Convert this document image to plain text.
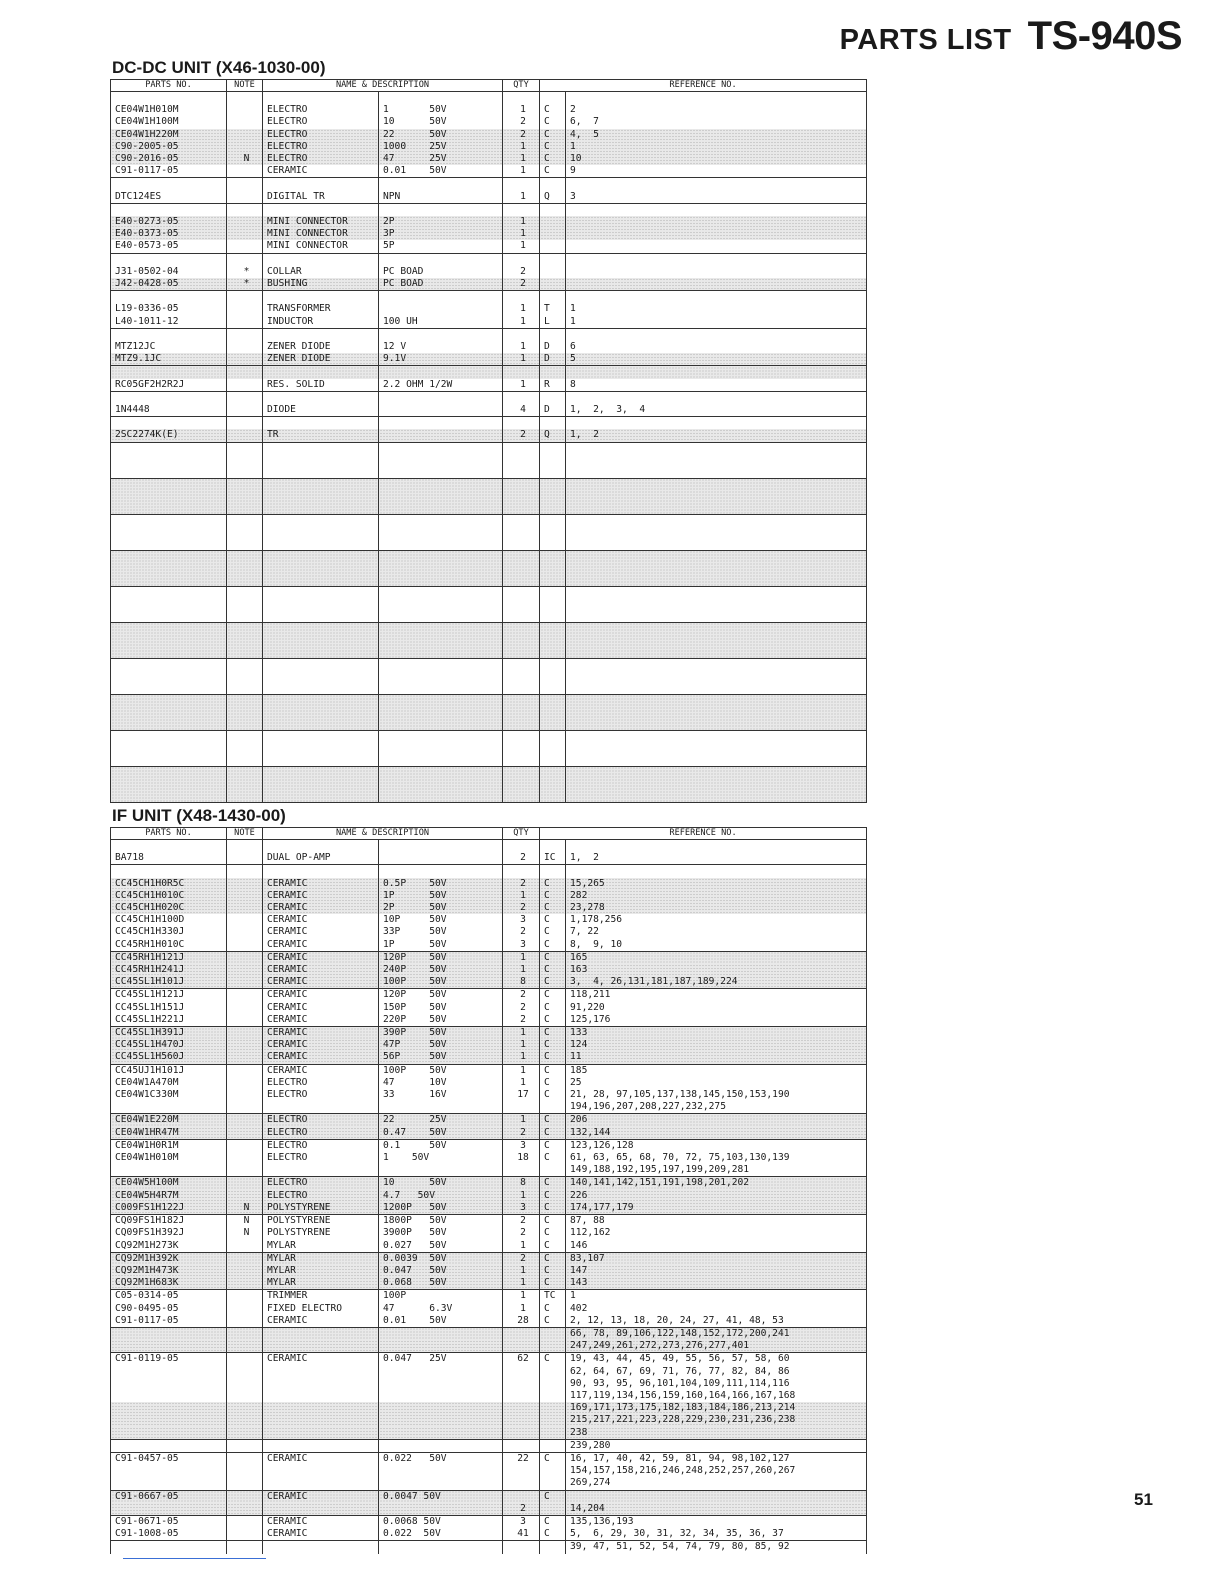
PARTS LIST TS-940S
DC-DC UNIT (X46-1030-00)
PARTS NO.	NOTE	NAME & DESCRIPTION		QTY	REFERENCE NO.	

CE04W1H010M		ELECTRO	1       50V	1	C	2
CE04W1H100M		ELECTRO	10      50V	2	C	6,  7
CE04W1H220M		ELECTRO	22      50V	2	C	4,  5
C90-2005-05		ELECTRO	1000    25V	1	C	1
C90-2016-05	N	ELECTRO	47      25V	1	C	10
C91-0117-05		CERAMIC	0.01    50V	1	C	9

DTC124ES		DIGITAL TR	NPN	1	Q	3

E40-0273-05		MINI CONNECTOR	2P	1		
E40-0373-05		MINI CONNECTOR	3P	1		
E40-0573-05		MINI CONNECTOR	5P	1		

J31-0502-04	*	COLLAR	PC BOAD	2		
J42-0428-05	*	BUSHING	PC BOAD	2		

L19-0336-05		TRANSFORMER		1	T	1
L40-1011-12		INDUCTOR	100 UH	1	L	1

MTZ12JC		ZENER DIODE	12 V	1	D	6
MTZ9.1JC		ZENER DIODE	9.1V	1	D	5

RC05GF2H2R2J		RES. SOLID	2.2 OHM 1/2W	1	R	8

1N4448		DIODE		4	D	1,  2,  3,  4

2SC2274K(E)		TR		2	Q	1,  2

IF UNIT (X48-1430-00)
PARTS NO.	NOTE	NAME & DESCRIPTION		QTY	REFERENCE NO.	

BA718		DUAL OP-AMP		2	IC	1,  2

CC45CH1H0R5C		CERAMIC	0.5P    50V	2	C	15,265
CC45CH1H010C		CERAMIC	1P      50V	1	C	282
CC45CH1H020C		CERAMIC	2P      50V	2	C	23,278
CC45CH1H100D		CERAMIC	10P     50V	3	C	1,178,256
CC45CH1H330J		CERAMIC	33P     50V	2	C	7, 22
CC45RH1H010C		CERAMIC	1P      50V	3	C	8,  9, 10
CC45RH1H121J		CERAMIC	120P    50V	1	C	165
CC45RH1H241J		CERAMIC	240P    50V	1	C	163
CC45SL1H101J		CERAMIC	100P    50V	8	C	3,  4, 26,131,181,187,189,224
CC45SL1H121J		CERAMIC	120P    50V	2	C	118,211
CC45SL1H151J		CERAMIC	150P    50V	2	C	91,220
CC45SL1H221J		CERAMIC	220P    50V	2	C	125,176
CC45SL1H391J		CERAMIC	390P    50V	1	C	133
CC45SL1H470J		CERAMIC	47P     50V	1	C	124
CC45SL1H560J		CERAMIC	56P     50V	1	C	11
CC45UJ1H101J		CERAMIC	100P    50V	1	C	185
CE04W1A470M		ELECTRO	47      10V	1	C	25
CE04W1C330M		ELECTRO	33      16V	17	C	21, 28, 97,105,137,138,145,150,153,190
						194,196,207,208,227,232,275
CE04W1E220M		ELECTRO	22      25V	1	C	206
CE04W1HR47M		ELECTRO	0.47    50V	2	C	132,144
CE04W1H0R1M		ELECTRO	0.1     50V	3	C	123,126,128
CE04W1H010M		ELECTRO	1    50V	18	C	61, 63, 65, 68, 70, 72, 75,103,130,139
						149,188,192,195,197,199,209,281
CE04W5H100M		ELECTRO	10      50V	8	C	140,141,142,151,191,198,201,202
CE04W5H4R7M		ELECTRO	4.7   50V	1	C	226
C009FS1H122J	N	POLYSTYRENE	1200P   50V	3	C	174,177,179
CQ09FS1H182J	N	POLYSTYRENE	1800P   50V	2	C	87, 88
CQ09FS1H392J	N	POLYSTYRENE	3900P   50V	2	C	112,162
CQ92M1H273K		MYLAR	0.027   50V	1	C	146
CQ92M1H392K		MYLAR	0.0039  50V	2	C	83,107
CQ92M1H473K		MYLAR	0.047   50V	1	C	147
CQ92M1H683K		MYLAR	0.068   50V	1	C	143
C05-0314-05		TRIMMER	100P	1	TC	1
C90-0495-05		FIXED ELECTRO	47      6.3V	1	C	402
C91-0117-05		CERAMIC	0.01    50V	28	C	2, 12, 13, 18, 20, 24, 27, 41, 48, 53
						66, 78, 89,106,122,148,152,172,200,241
						247,249,261,272,273,276,277,401
C91-0119-05		CERAMIC	0.047   25V	62	C	19, 43, 44, 45, 49, 55, 56, 57, 58, 60
						62, 64, 67, 69, 71, 76, 77, 82, 84, 86
						90, 93, 95, 96,101,104,109,111,114,116
						117,119,134,156,159,160,164,166,167,168
						169,171,173,175,182,183,184,186,213,214
						215,217,221,223,228,229,230,231,236,238
						238
						239,280
C91-0457-05		CERAMIC	0.022   50V	22	C	16, 17, 40, 42, 59, 81, 94, 98,102,127
						154,157,158,216,246,248,252,257,260,267
						269,274
C91-0667-05		CERAMIC	0.0047 50V		C	
				2		14,204
C91-0671-05		CERAMIC	0.0068 50V	3	C	135,136,193
C91-1008-05		CERAMIC	0.022  50V	41	C	5,  6, 29, 30, 31, 32, 34, 35, 36, 37
						39, 47, 51, 52, 54, 74, 79, 80, 85, 92
51
